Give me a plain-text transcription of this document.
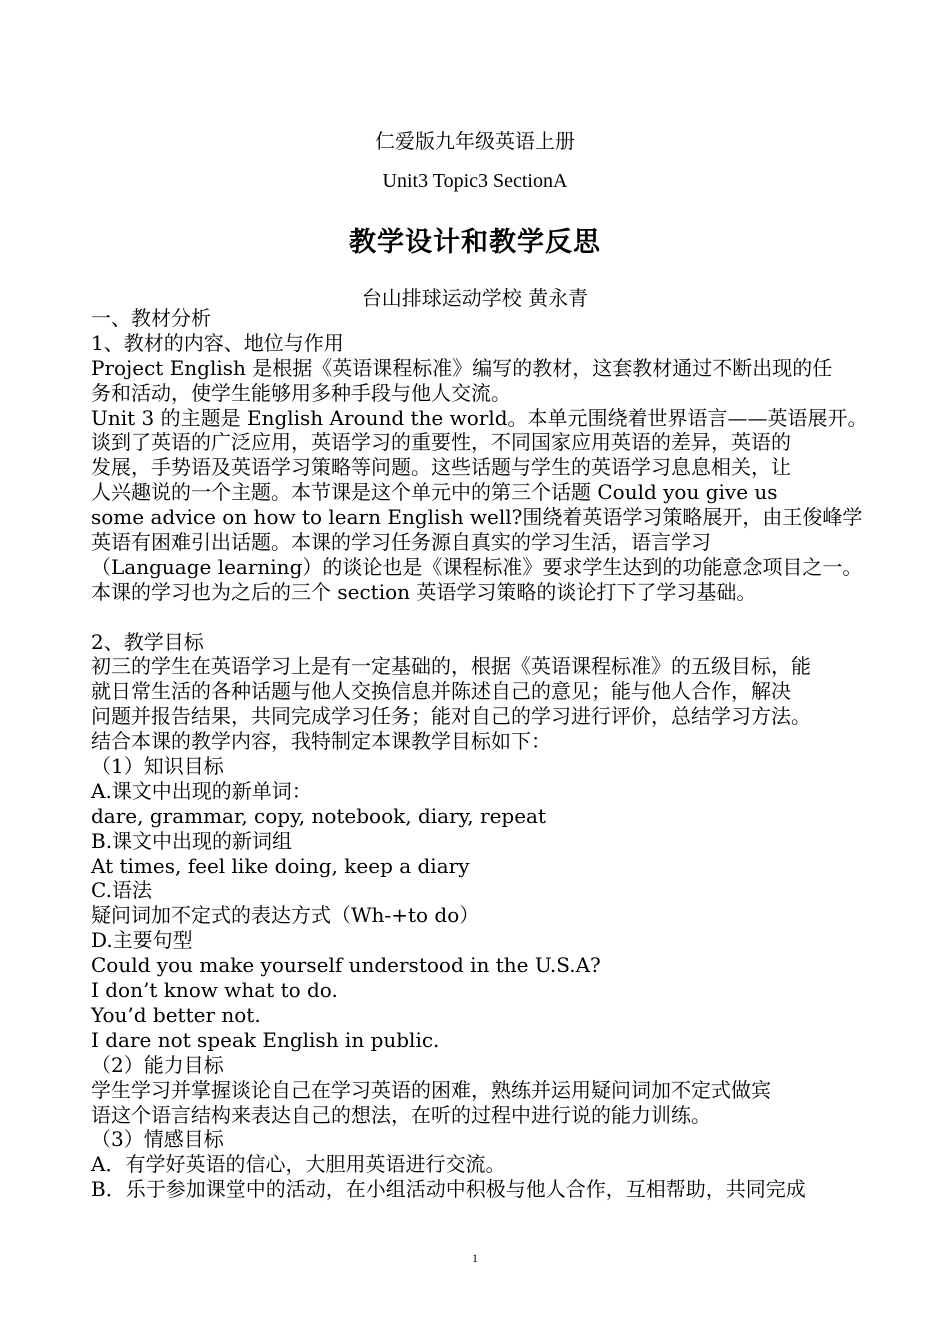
仁爱版九年级英语上册
Unit3 Topic3 SectionA
教学设计和教学反思
台山排球运动学校 黄永青
一、教材分析
1、教材的内容、地位与作用
Project English 是根据《英语课程标准》编写的教材，这套教材通过不断出现的任
务和活动，使学生能够用多种手段与他人交流。
Unit 3 的主题是 English Around the world。本单元围绕着世界语言——英语展开。
谈到了英语的广泛应用，英语学习的重要性，不同国家应用英语的差异，英语的
发展，手势语及英语学习策略等问题。这些话题与学生的英语学习息息相关，让
人兴趣说的一个主题。本节课是这个单元中的第三个话题 Could you give us
some advice on how to learn English well?围绕着英语学习策略展开，由王俊峰学
英语有困难引出话题。本课的学习任务源自真实的学习生活，语言学习
（Language learning）的谈论也是《课程标准》要求学生达到的功能意念项目之一。
本课的学习也为之后的三个 section 英语学习策略的谈论打下了学习基础。
2、教学目标
初三的学生在英语学习上是有一定基础的，根据《英语课程标准》的五级目标，能
就日常生活的各种话题与他人交换信息并陈述自己的意见；能与他人合作，解决
问题并报告结果，共同完成学习任务；能对自己的学习进行评价，总结学习方法。
结合本课的教学内容，我特制定本课教学目标如下：
（1）知识目标
A.课文中出现的新单词：
dare, grammar, copy, notebook, diary, repeat
B.课文中出现的新词组
At times, feel like doing, keep a diary
C.语法
疑问词加不定式的表达方式（Wh-+to do）
D.主要句型
Could you make yourself understood in the U.S.A?
I don’t know what to do.
You’d better not.
I dare not speak English in public.
（2）能力目标
学生学习并掌握谈论自己在学习英语的困难，熟练并运用疑问词加不定式做宾
语这个语言结构来表达自己的想法，在听的过程中进行说的能力训练。
（3）情感目标
A．有学好英语的信心，大胆用英语进行交流。
B．乐于参加课堂中的活动，在小组活动中积极与他人合作，互相帮助，共同完成
1
